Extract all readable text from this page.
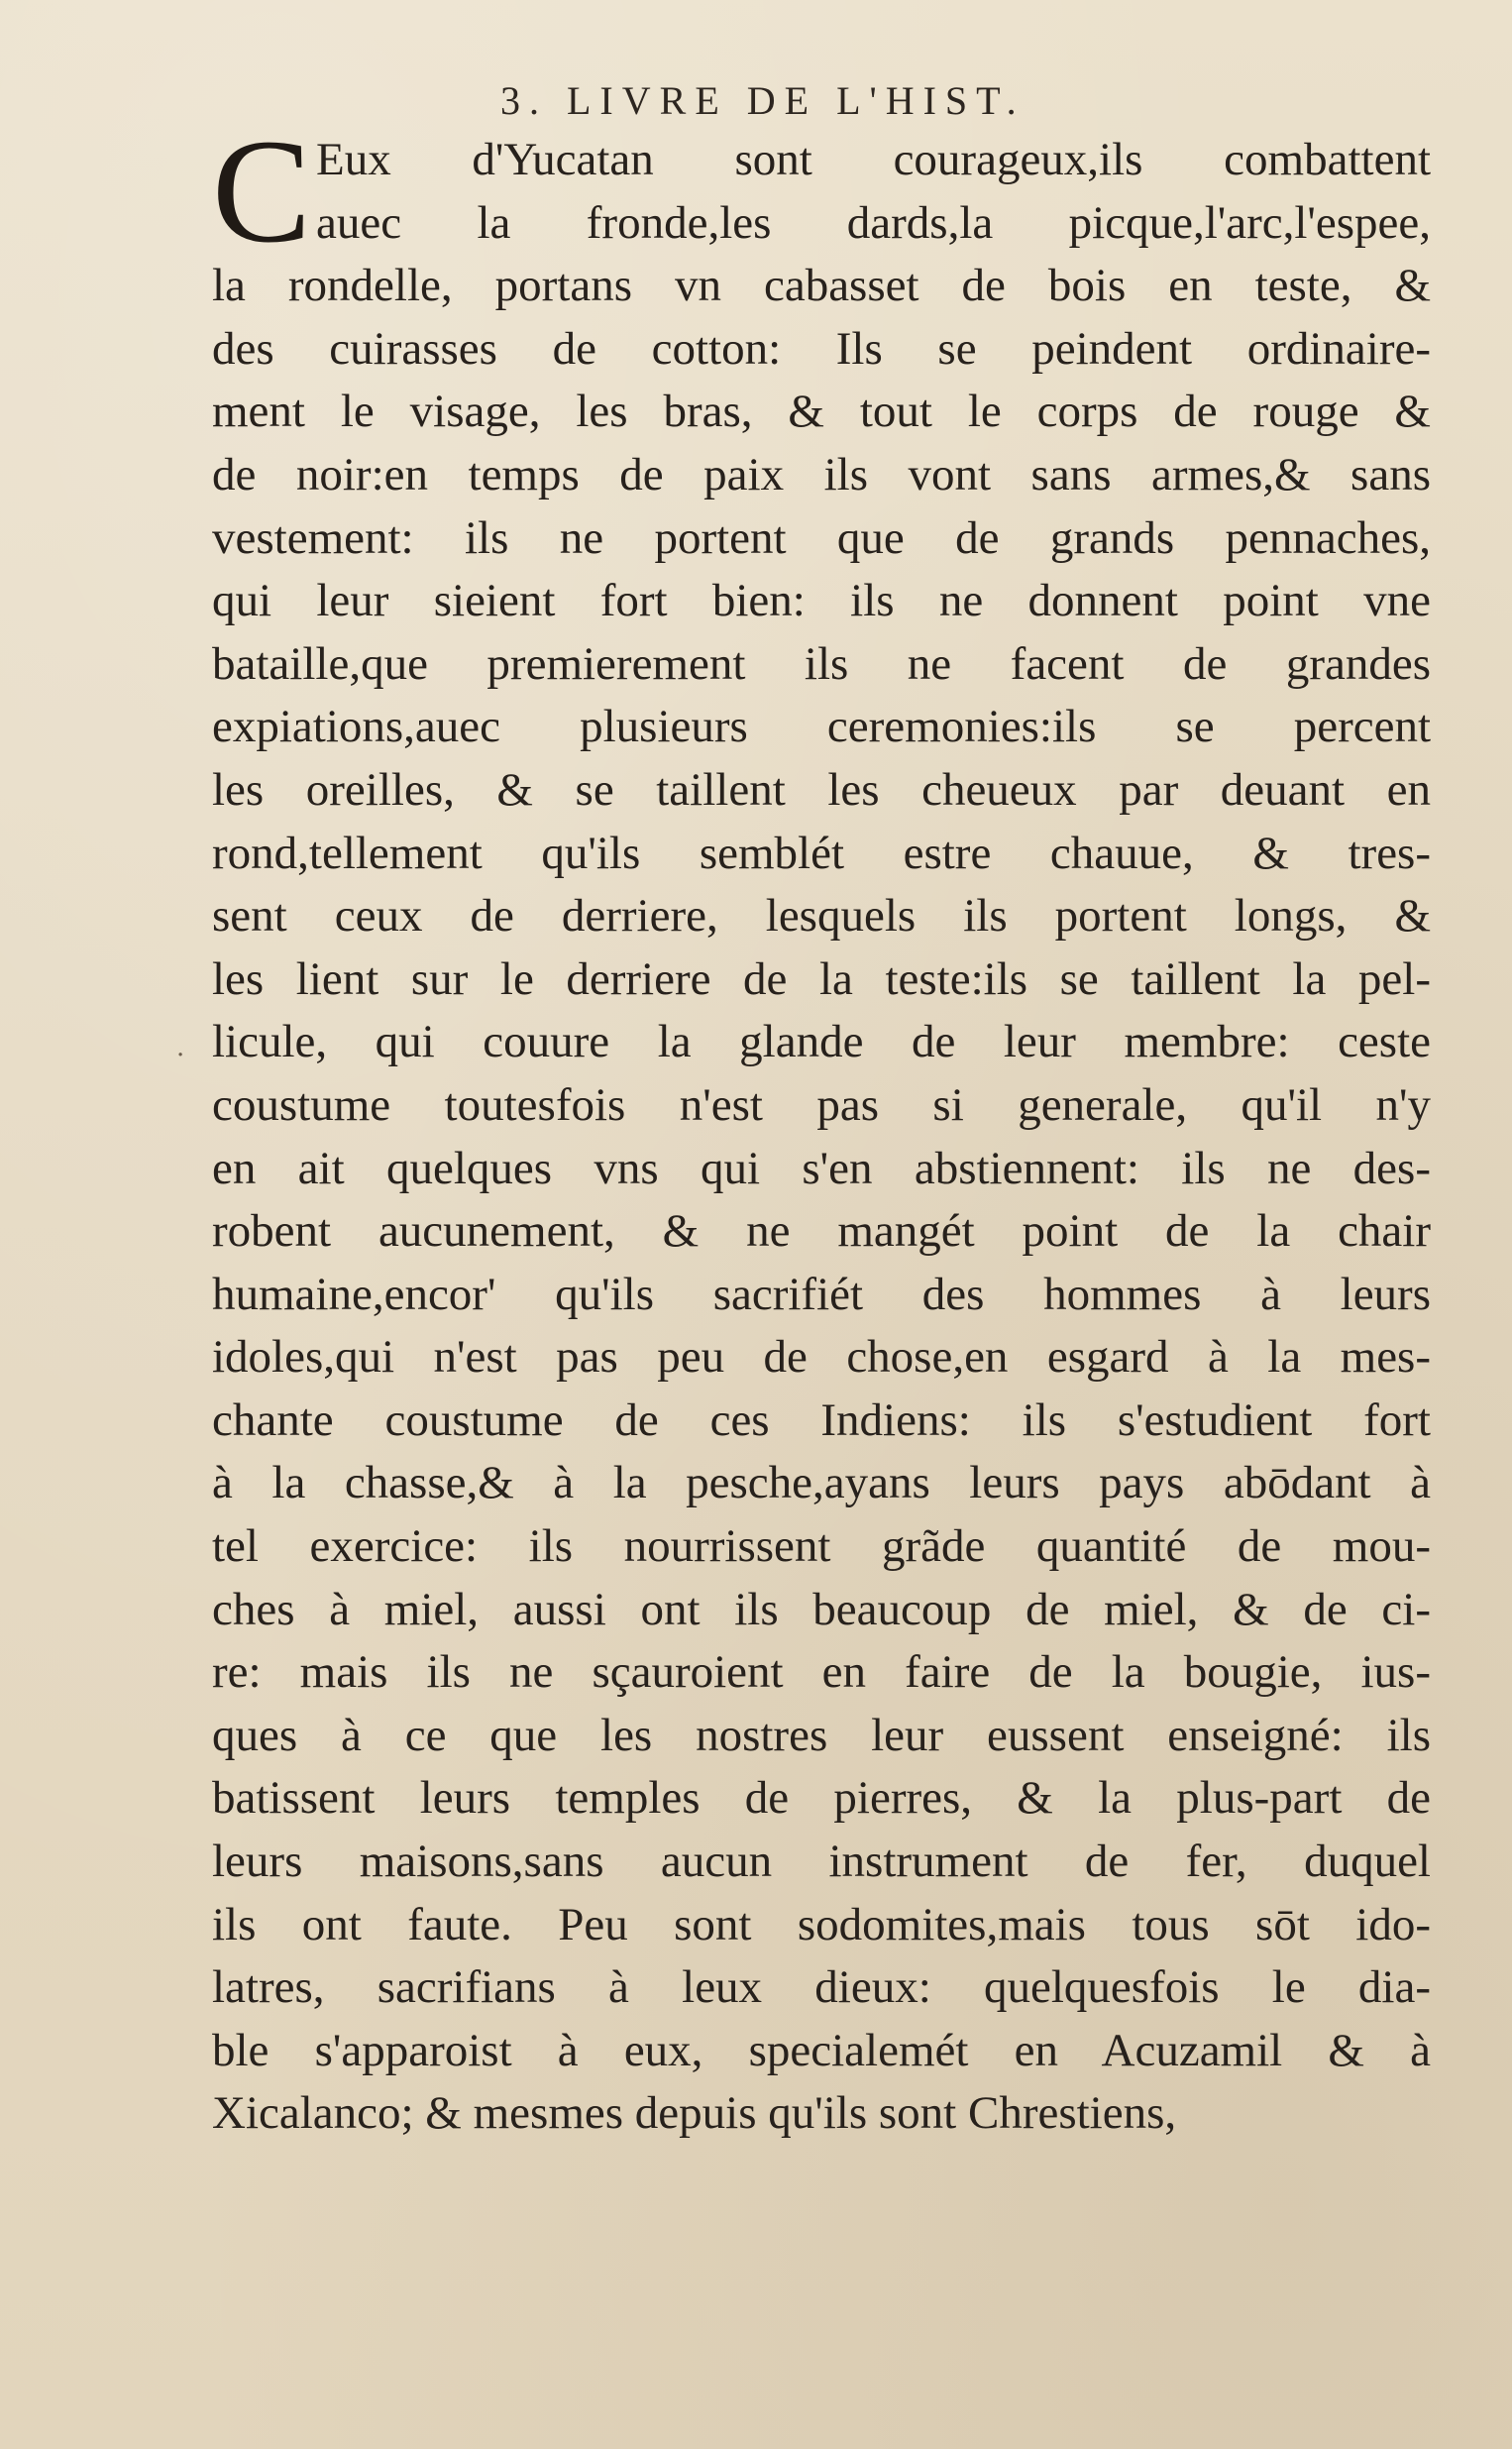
3. LIVRE DE L'HIST.
·
C Eux d'Yucatan sont courageux,ils combattent
auec la fronde,les dards,la picque,l'arc,l'espee,
la rondelle, portans vn cabasset de bois en teste, &
des cuirasses de cotton: Ils se peindent ordinaire-
ment le visage, les bras, & tout le corps de rouge &
de noir:en temps de paix ils vont sans armes,& sans
vestement: ils ne portent que de grands pennaches,
qui leur sieient fort bien: ils ne donnent point vne
bataille,que premierement ils ne facent de grandes
expiations,auec plusieurs ceremonies:ils se percent
les oreilles, & se taillent les cheueux par deuant en
rond,tellement qu'ils semblét estre chauue, & tres-
sent ceux de derriere, lesquels ils portent longs, &
les lient sur le derriere de la teste:ils se taillent la pel-
licule, qui couure la glande de leur membre: ceste
coustume toutesfois n'est pas si generale, qu'il n'y
en ait quelques vns qui s'en abstiennent: ils ne des-
robent aucunement, & ne mangét point de la chair
humaine,encor' qu'ils sacrifiét des hommes à leurs
idoles,qui n'est pas peu de chose,en esgard à la mes-
chante coustume de ces Indiens: ils s'estudient fort
à la chasse,& à la pesche,ayans leurs pays abōdant à
tel exercice: ils nourrissent grãde quantité de mou-
ches à miel, aussi ont ils beaucoup de miel, & de ci-
re: mais ils ne sçauroient en faire de la bougie, ius-
ques à ce que les nostres leur eussent enseigné: ils
batissent leurs temples de pierres, & la plus-part de
leurs maisons,sans aucun instrument de fer, duquel
ils ont faute. Peu sont sodomites,mais tous sōt ido-
latres, sacrifians à leux dieux: quelquesfois le dia-
ble s'apparoist à eux, specialemét en Acuzamil & à
Xicalanco; & mesmes depuis qu'ils sont Chrestiens,
